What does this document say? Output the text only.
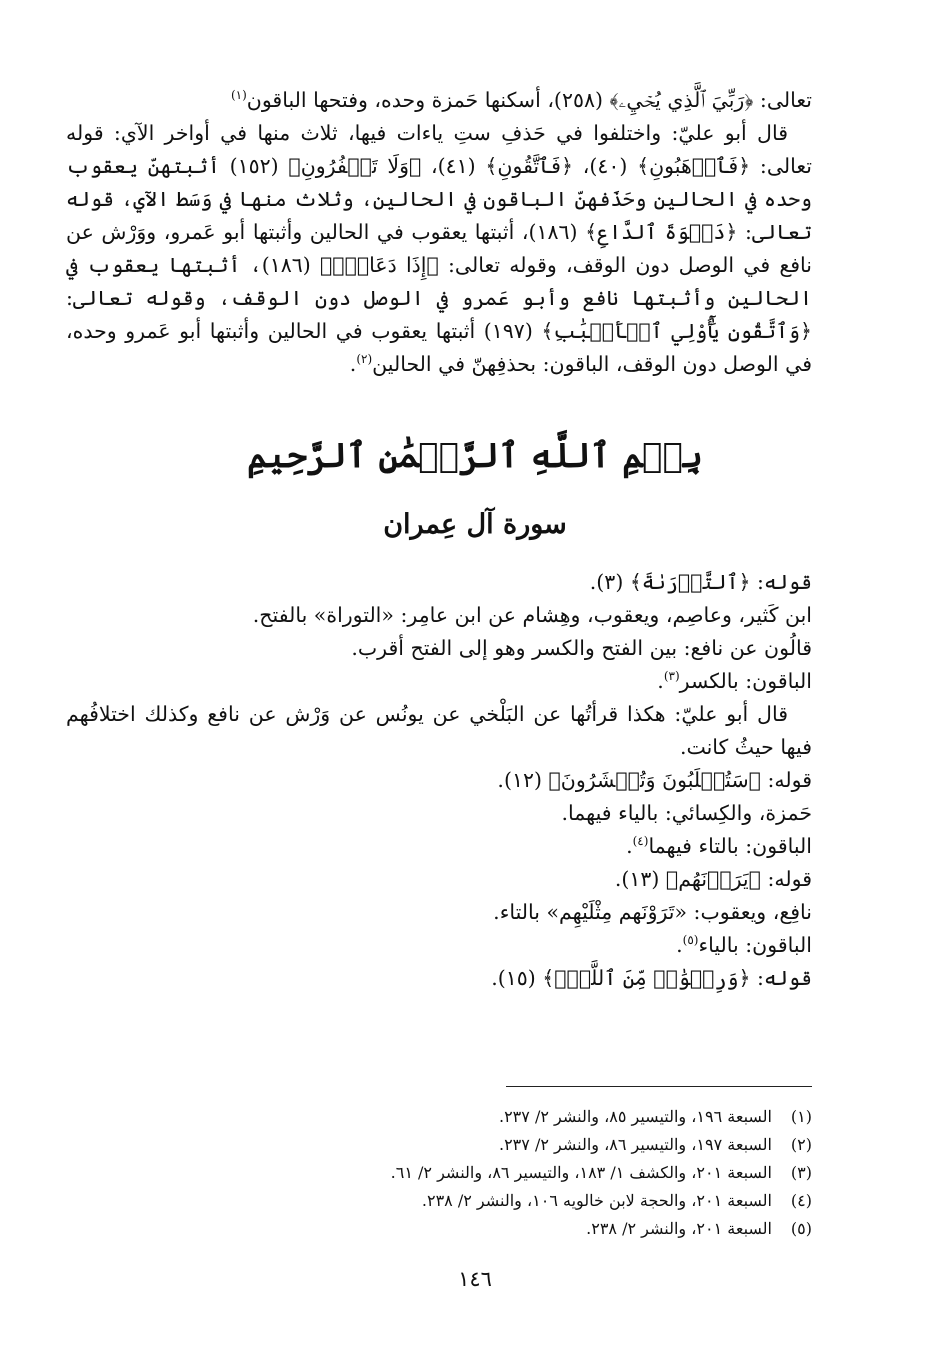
تعالى: ﴿رَبِّيَ ٱلَّذِي يُحۡيِۦ﴾ (٢٥٨)، أسكنها حَمزة وحده، وفتحها الباقون$^{(١)}$

قال أبو عليّ: واختلفوا في حَذفِ ستِ ياءات فيها، ثلاث منها في أواخر الآي: قوله تعالى: ﴿فَٱرۡهَبُونِ﴾ (٤٠)، ﴿فَٱتَّقُونِ﴾ (٤١)، ﴿وَلَا تَكۡفُرُونِ﴾ (١٥٢) أثبتهنّ يعقوب وحده في الحالين وحَذَفهنّ الباقون في الحالين، وثلاث منها في وَسَط الآي، قوله تعالى: ﴿دَعۡوَةَ ٱلدَّاعِ﴾ (١٨٦)، أثبتها يعقوب في الحالين وأثبتها أبو عَمرو، ووَرْش عن نافع في الوصل دون الوقف، وقوله تعالى: ﴿إِذَا دَعَانِۖ﴾ (١٨٦)، أثبتها يعقوب في الحالين وأثبتها نافع وأبو عَمرو في الوصل دون الوقف، وقوله تعالى: ﴿وَٱتَّقُونِ يَٰٓأُوْلِي ٱلۡأَلۡبَٰبِ﴾ (١٩٧) أثبتها يعقوب في الحالين وأثبتها أبو عَمرو وحده، في الوصل دون الوقف، الباقون: بحذفِهنّ في الحالين$^{(٢)}$.

بِسۡمِ ٱللَّهِ ٱلرَّحۡمَٰنِ ٱلرَّحِيمِ
سورة آل عِمران

قوله: ﴿ٱلتَّوۡرَىٰةَ﴾ (٣).

ابن كَثير، وعاصِم، ويعقوب، وهِشام عن ابن عامِر: «التوراة» بالفتح.

قالُون عن نافع: بين الفتح والكسر وهو إلى الفتح أقرب.

الباقون: بالكسر$^{(٣)}$.

قال أبو عليّ: هكذا قرأتُها عن البَلْخي عن يونُس عن وَرْش عن نافع وكذلك اختلافُهم فيها حيثُ كانت.

قوله: ﴿سَتُغۡلَبُونَ وَتُحۡشَرُونَ﴾ (١٢).

حَمزة، والكِسائي: بالياء فيهما.

الباقون: بالتاء فيهما$^{(٤)}$.

قوله: ﴿يَرَوۡنَهُم﴾ (١٣).

نافِع، ويعقوب: «تَرَوْنَهم مِثْلَيْهِم» بالتاء.

الباقون: بالياء$^{(٥)}$.

قوله: ﴿وَرِضۡوَٰنٞ مِّنَ ٱللَّهِۗ﴾ (١٥).

(١)السبعة ١٩٦، والتيسير ٨٥، والنشر ٢/ ٢٣٧.
(٢)السبعة ١٩٧، والتيسير ٨٦، والنشر ٢/ ٢٣٧.
(٣)السبعة ٢٠١، والكشف ١/ ١٨٣، والتيسير ٨٦، والنشر ٢/ ٦١.
(٤)السبعة ٢٠١، والحجة لابن خالويه ١٠٦، والنشر ٢/ ٢٣٨.
(٥)السبعة ٢٠١، والنشر ٢/ ٢٣٨.
١٤٦
